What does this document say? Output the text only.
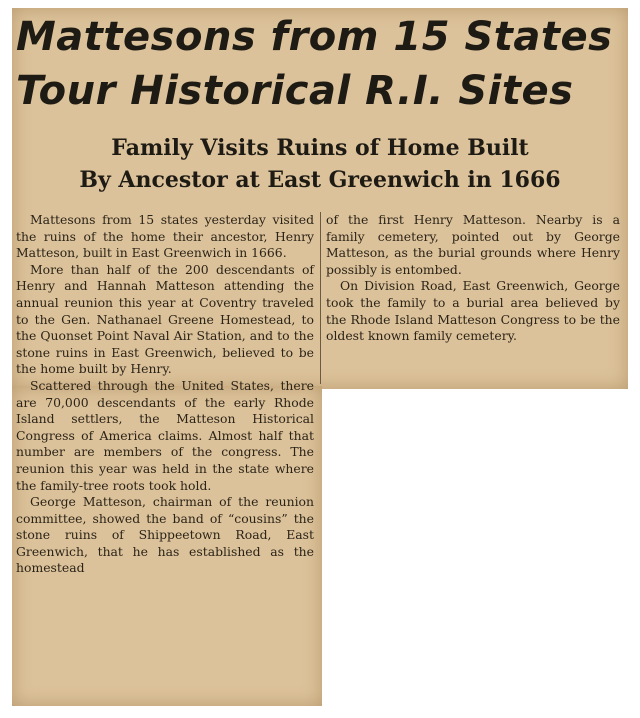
Mattesons from 15 States
Tour Historical R.I. Sites
Family Visits Ruins of Home Built
By Ancestor at East Greenwich in 1666

Mattesons from 15 states yesterday visited the ruins of the home their ancestor, Henry Matteson, built in East Greenwich in 1666.

More than half of the 200 descendants of Henry and Hannah Matteson attending the annual reunion this year at Coventry traveled to the Gen. Nathanael Greene Homestead, to the Quonset Point Naval Air Station, and to the stone ruins in East Greenwich, believed to be the home built by Henry.

Scattered through the United States, there are 70,000 descendants of the early Rhode Island settlers, the Matteson Historical Congress of America claims. Almost half that number are members of the congress. The reunion this year was held in the state where the family-tree roots took hold.

George Matteson, chairman of the reunion committee, showed the band of “cousins” the stone ruins of Shippeetown Road, East Greenwich, that he has established as the homestead

of the first Henry Matteson. Nearby is a family cemetery, pointed out by George Matteson, as the burial grounds where Henry possibly is entombed.

On Division Road, East Greenwich, George took the family to a burial area believed by the Rhode Island Matteson Congress to be the oldest known family cemetery.
